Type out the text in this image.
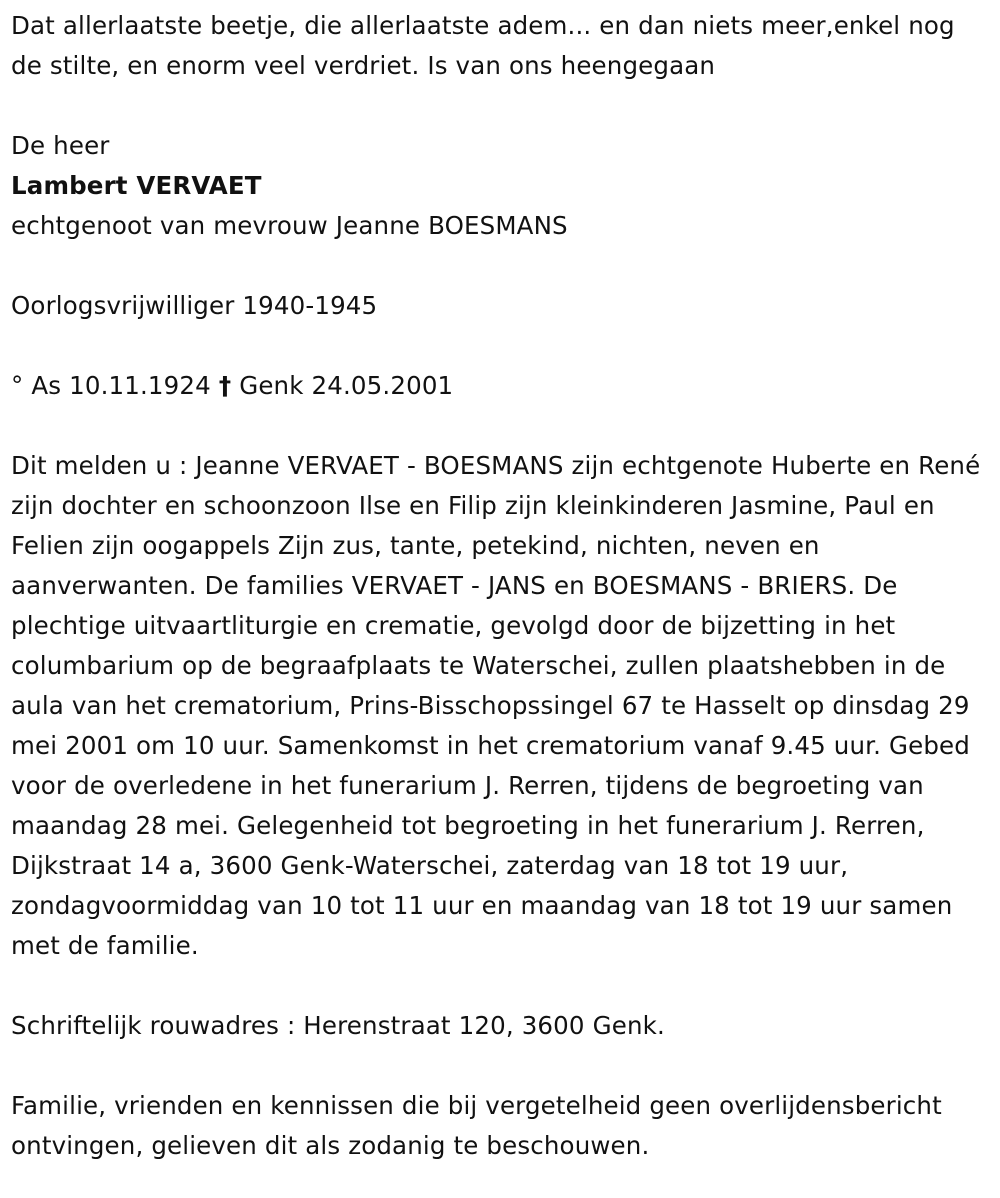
Dat allerlaatste beetje, die allerlaatste adem... en dan niets meer,enkel nog de stilte, en enorm veel verdriet. Is van ons heengegaan

De heer

Lambert VERVAET

echtgenoot van mevrouw Jeanne BOESMANS

Oorlogsvrijwilliger 1940-1945

° As 10.11.1924 † Genk 24.05.2001

Dit melden u : Jeanne VERVAET - BOESMANS zijn echtgenote Huberte en René zijn dochter en schoonzoon Ilse en Filip zijn kleinkinderen Jasmine, Paul en Felien zijn oogappels Zijn zus, tante, petekind, nichten, neven en aanverwanten. De families VERVAET - JANS en BOESMANS - BRIERS. De plechtige uitvaartliturgie en crematie, gevolgd door de bijzetting in het columbarium op de begraafplaats te Waterschei, zullen plaatshebben in de aula van het crematorium, Prins-Bisschopssingel 67 te Hasselt op dinsdag 29 mei 2001 om 10 uur. Samenkomst in het crematorium vanaf 9.45 uur. Gebed voor de overledene in het funerarium J. Rerren, tijdens de begroeting van maandag 28 mei. Gelegenheid tot begroeting in het funerarium J. Rerren, Dijkstraat 14 a, 3600 Genk-Waterschei, zaterdag van 18 tot 19 uur, zondagvoormiddag van 10 tot 11 uur en maandag van 18 tot 19 uur samen met de familie.

Schriftelijk rouwadres : Herenstraat 120, 3600 Genk.

Familie, vrienden en kennissen die bij vergetelheid geen overlijdensbericht ontvingen, gelieven dit als zodanig te beschouwen.
